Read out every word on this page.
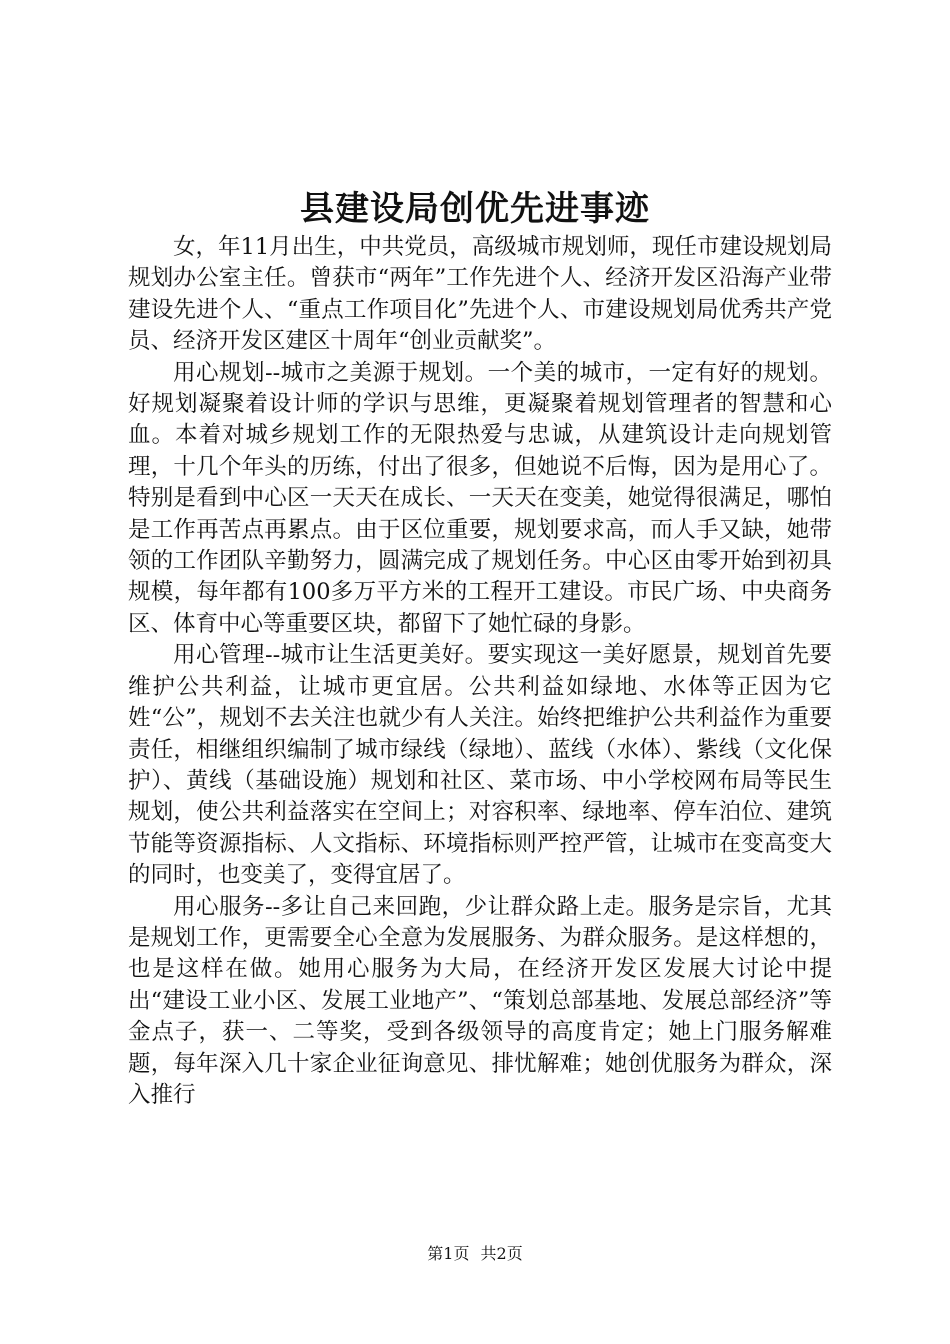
县建设局创优先进事迹

女，年11月出生，中共党员，高级城市规划师，现任市建设规划局规划办公室主任。曾获市“两年”工作先进个人、经济开发区沿海产业带建设先进个人、“重点工作项目化”先进个人、市建设规划局优秀共产党员、经济开发区建区十周年“创业贡献奖”。

用心规划--城市之美源于规划。一个美的城市，一定有好的规划。好规划凝聚着设计师的学识与思维，更凝聚着规划管理者的智慧和心血。本着对城乡规划工作的无限热爱与忠诚，从建筑设计走向规划管理，十几个年头的历练，付出了很多，但她说不后悔，因为是用心了。特别是看到中心区一天天在成长、一天天在变美，她觉得很满足，哪怕是工作再苦点再累点。由于区位重要，规划要求高，而人手又缺，她带领的工作团队辛勤努力，圆满完成了规划任务。中心区由零开始到初具规模，每年都有100多万平方米的工程开工建设。市民广场、中央商务区、体育中心等重要区块，都留下了她忙碌的身影。

用心管理--城市让生活更美好。要实现这一美好愿景，规划首先要维护公共利益，让城市更宜居。公共利益如绿地、水体等正因为它姓“公”，规划不去关注也就少有人关注。始终把维护公共利益作为重要责任，相继组织编制了城市绿线（绿地）、蓝线（水体）、紫线（文化保护）、黄线（基础设施）规划和社区、菜市场、中小学校网布局等民生规划，使公共利益落实在空间上；对容积率、绿地率、停车泊位、建筑节能等资源指标、人文指标、环境指标则严控严管，让城市在变高变大的同时，也变美了，变得宜居了。

用心服务--多让自己来回跑，少让群众路上走。服务是宗旨，尤其是规划工作，更需要全心全意为发展服务、为群众服务。是这样想的，也是这样在做。她用心服务为大局，在经济开发区发展大讨论中提出“建设工业小区、发展工业地产”、“策划总部基地、发展总部经济”等金点子，获一、二等奖，受到各级领导的高度肯定；她上门服务解难题，每年深入几十家企业征询意见、排忧解难；她创优服务为群众，深入推行

第1页 共2页
